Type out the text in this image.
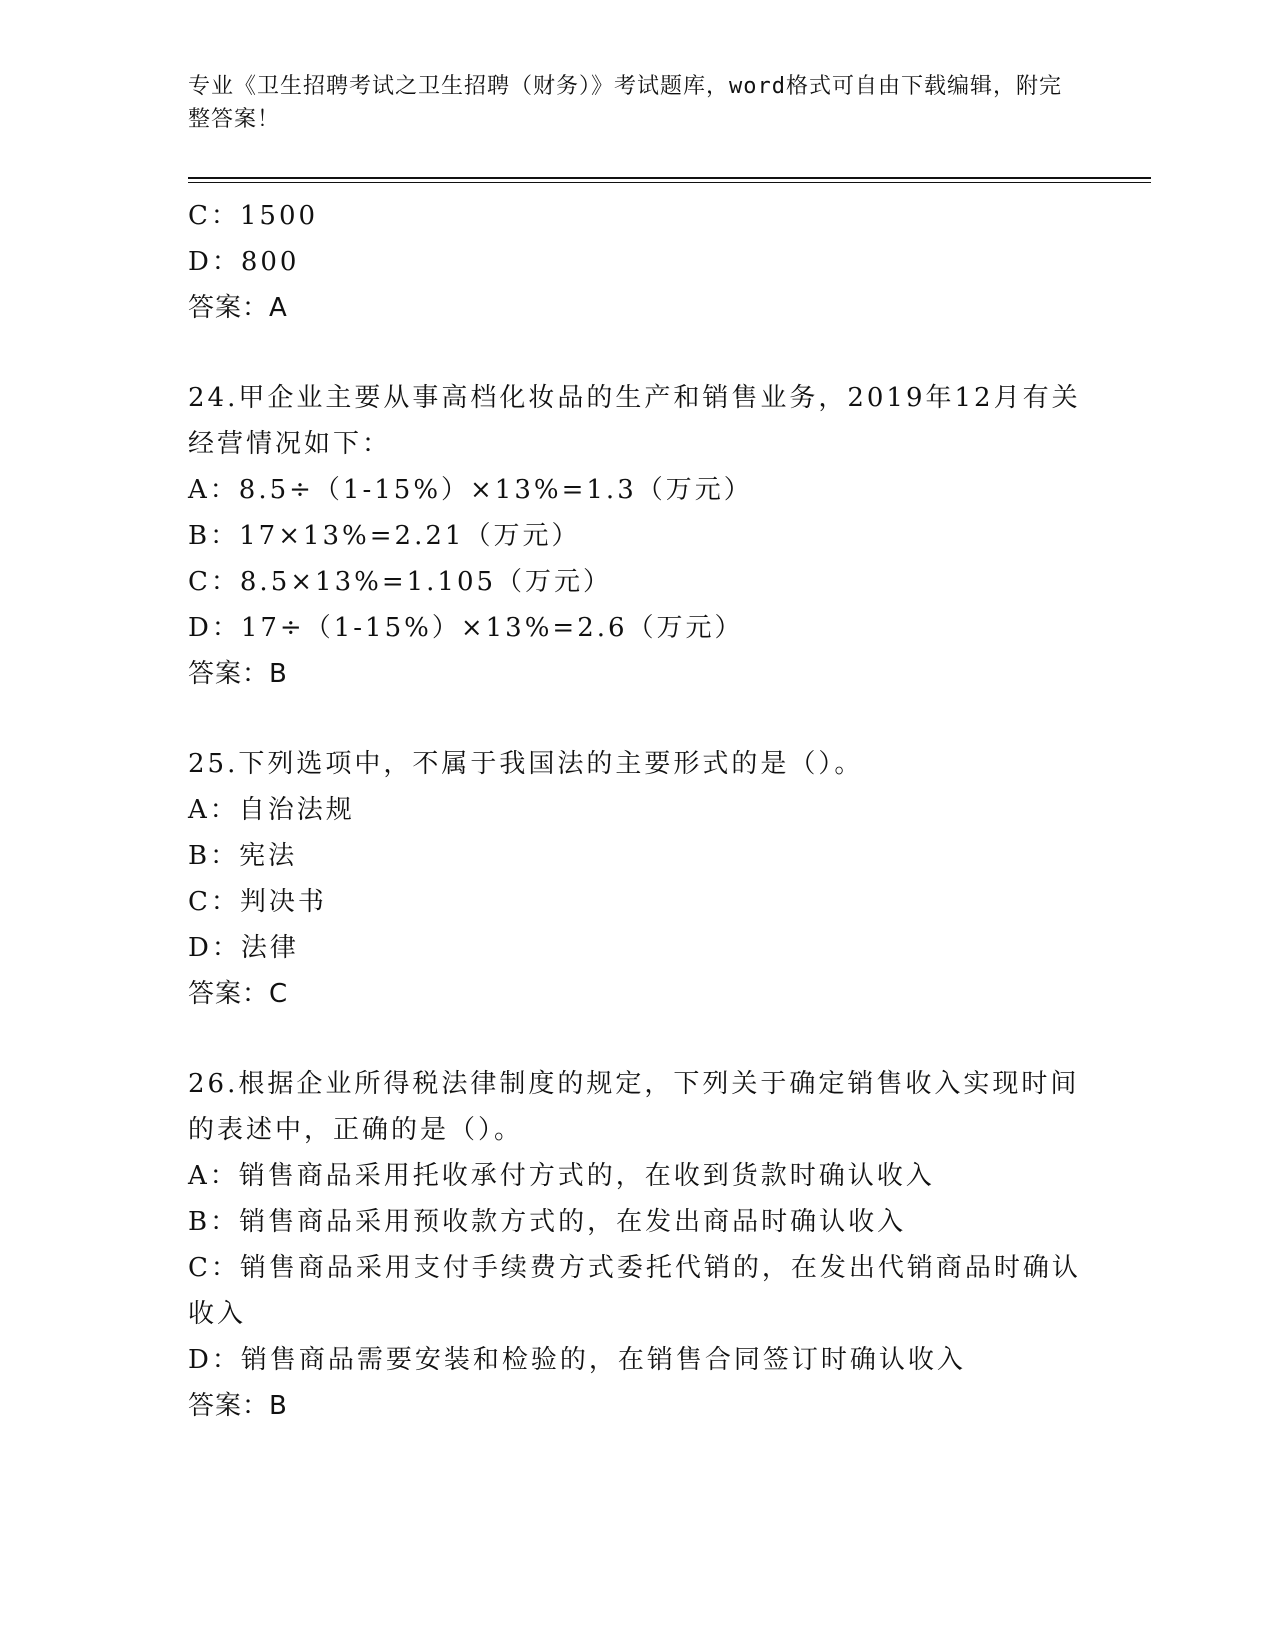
专业《卫生招聘考试之卫生招聘（财务）》考试题库，word格式可自由下载编辑，附完整答案！
C：1500
D：800
答案：A
24.甲企业主要从事高档化妆品的生产和销售业务，2019年12月有关
经营情况如下：
A：8.5÷（1-15%）×13%=1.3（万元）
B：17×13%=2.21（万元）
C：8.5×13%=1.105（万元）
D：17÷（1-15%）×13%=2.6（万元）
答案：B
25.下列选项中，不属于我国法的主要形式的是（）。
A：自治法规
B：宪法
C：判决书
D：法律
答案：C
26.根据企业所得税法律制度的规定，下列关于确定销售收入实现时间
的表述中，正确的是（）。
A：销售商品采用托收承付方式的，在收到货款时确认收入
B：销售商品采用预收款方式的，在发出商品时确认收入
C：销售商品采用支付手续费方式委托代销的，在发出代销商品时确认
收入
D：销售商品需要安装和检验的，在销售合同签订时确认收入
答案：B
